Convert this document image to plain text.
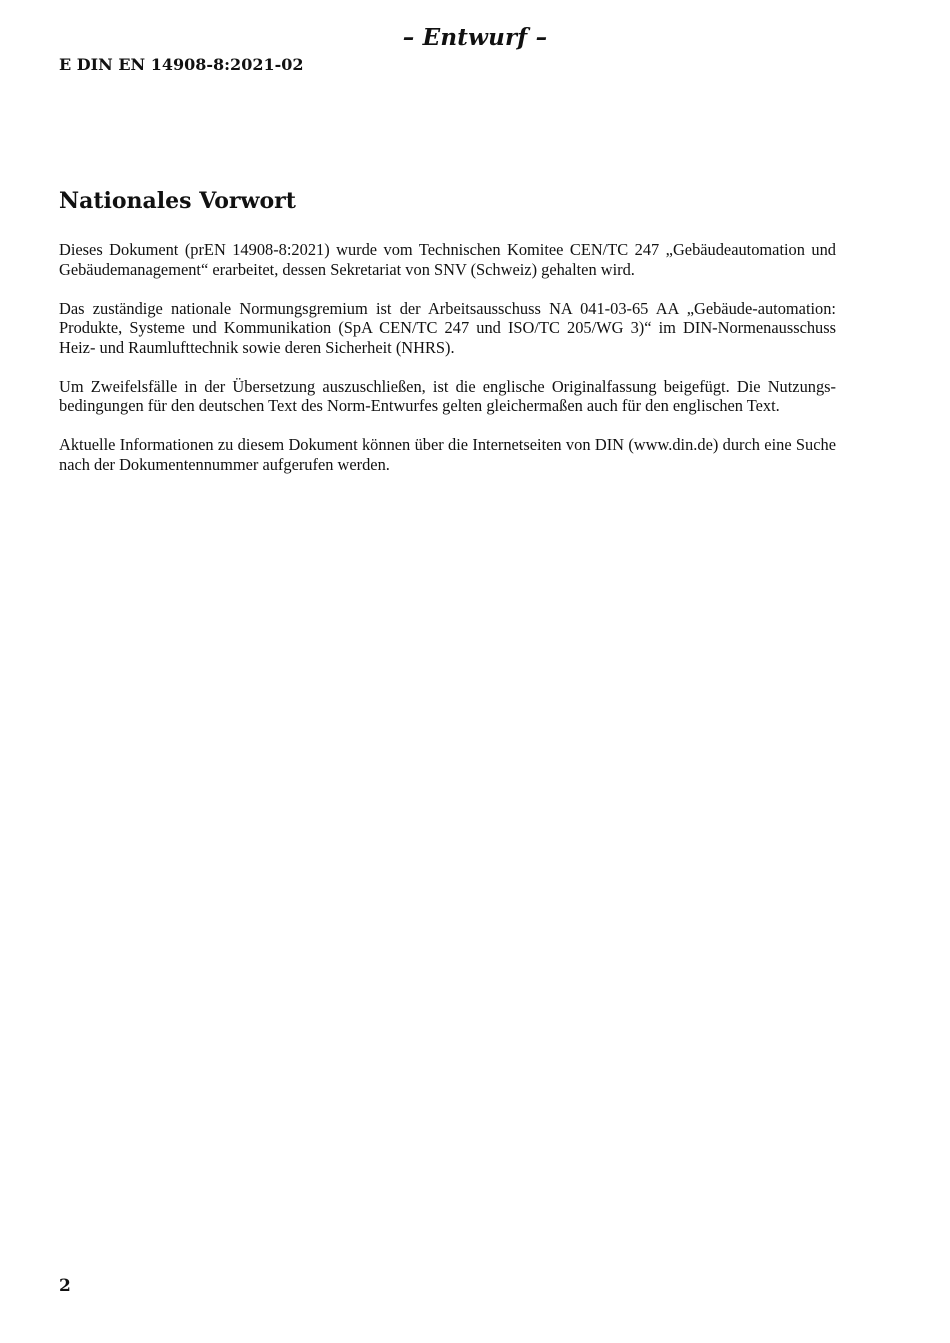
– Entwurf –
E DIN EN 14908-8:2021-02
Nationales Vorwort

Dieses Dokument (prEN 14908-8:2021) wurde vom Technischen Komitee CEN/TC 247 „Gebäudeautomation und Gebäudemanagement“ erarbeitet, dessen Sekretariat von SNV (Schweiz) gehalten wird.

Das zuständige nationale Normungsgremium ist der Arbeitsausschuss NA 041-03-65 AA „Gebäude-automation: Produkte, Systeme und Kommunikation (SpA CEN/TC 247 und ISO/TC 205/WG 3)“ im DIN-Normenausschuss Heiz- und Raumlufttechnik sowie deren Sicherheit (NHRS).

Um Zweifelsfälle in der Übersetzung auszuschließen, ist die englische Originalfassung beigefügt. Die Nutzungs-bedingungen für den deutschen Text des Norm-Entwurfes gelten gleichermaßen auch für den englischen Text.

Aktuelle Informationen zu diesem Dokument können über die Internetseiten von DIN (www.din.de) durch eine Suche nach der Dokumentennummer aufgerufen werden.

2
